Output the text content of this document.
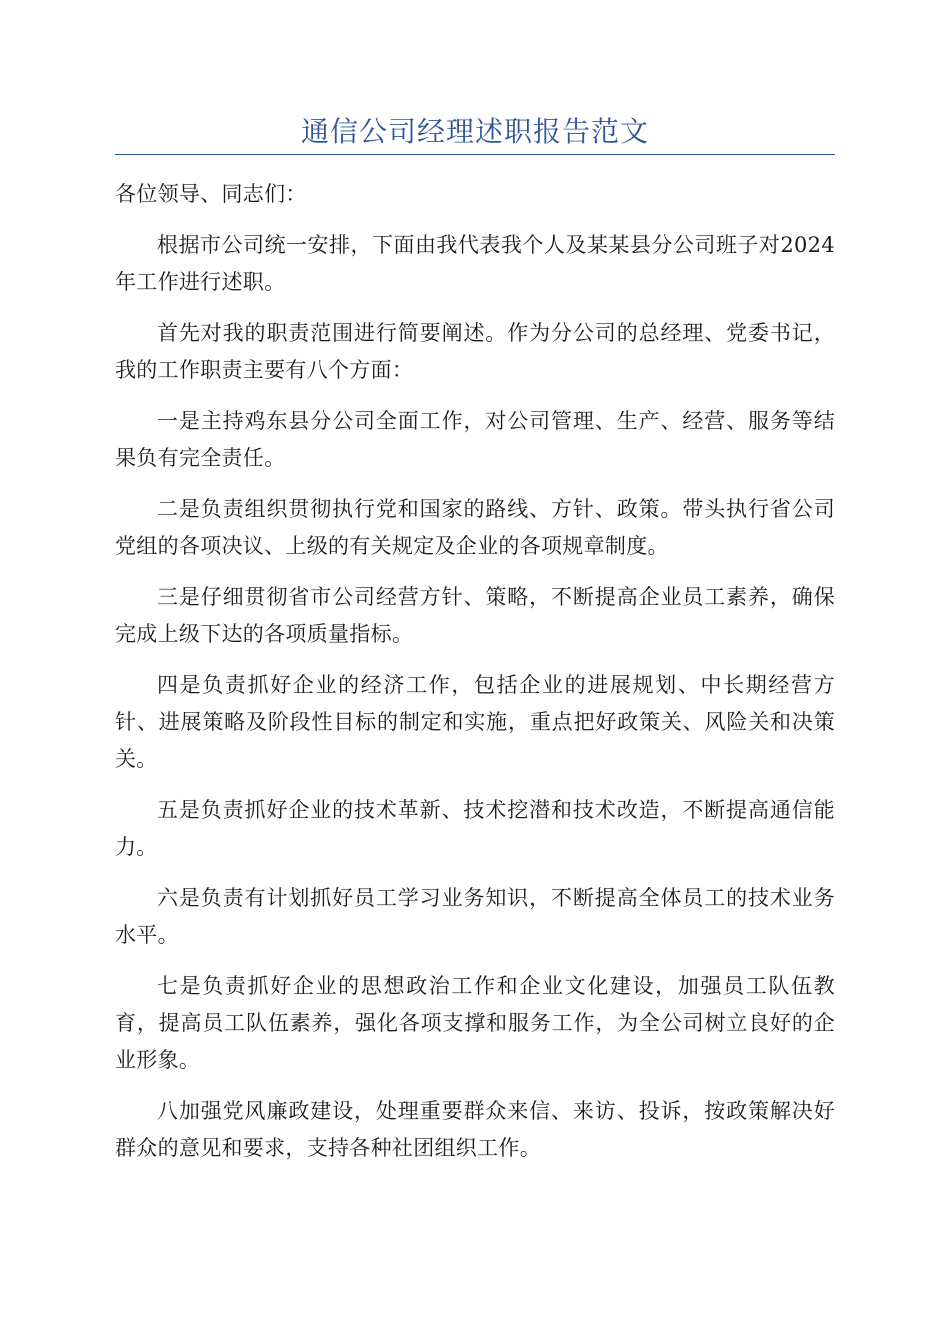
通信公司经理述职报告范文

各位领导、同志们：

根据市公司统一安排，下面由我代表我个人及某某县分公司班子对2024年工作进行述职。

首先对我的职责范围进行简要阐述。作为分公司的总经理、党委书记，我的工作职责主要有八个方面：

一是主持鸡东县分公司全面工作，对公司管理、生产、经营、服务等结果负有完全责任。

二是负责组织贯彻执行党和国家的路线、方针、政策。带头执行省公司党组的各项决议、上级的有关规定及企业的各项规章制度。

三是仔细贯彻省市公司经营方针、策略，不断提高企业员工素养，确保完成上级下达的各项质量指标。

四是负责抓好企业的经济工作，包括企业的进展规划、中长期经营方针、进展策略及阶段性目标的制定和实施，重点把好政策关、风险关和决策关。

五是负责抓好企业的技术革新、技术挖潜和技术改造，不断提高通信能力。

六是负责有计划抓好员工学习业务知识，不断提高全体员工的技术业务水平。

七是负责抓好企业的思想政治工作和企业文化建设，加强员工队伍教育，提高员工队伍素养，强化各项支撑和服务工作，为全公司树立良好的企业形象。

八加强党风廉政建设，处理重要群众来信、来访、投诉，按政策解决好群众的意见和要求，支持各种社团组织工作。
